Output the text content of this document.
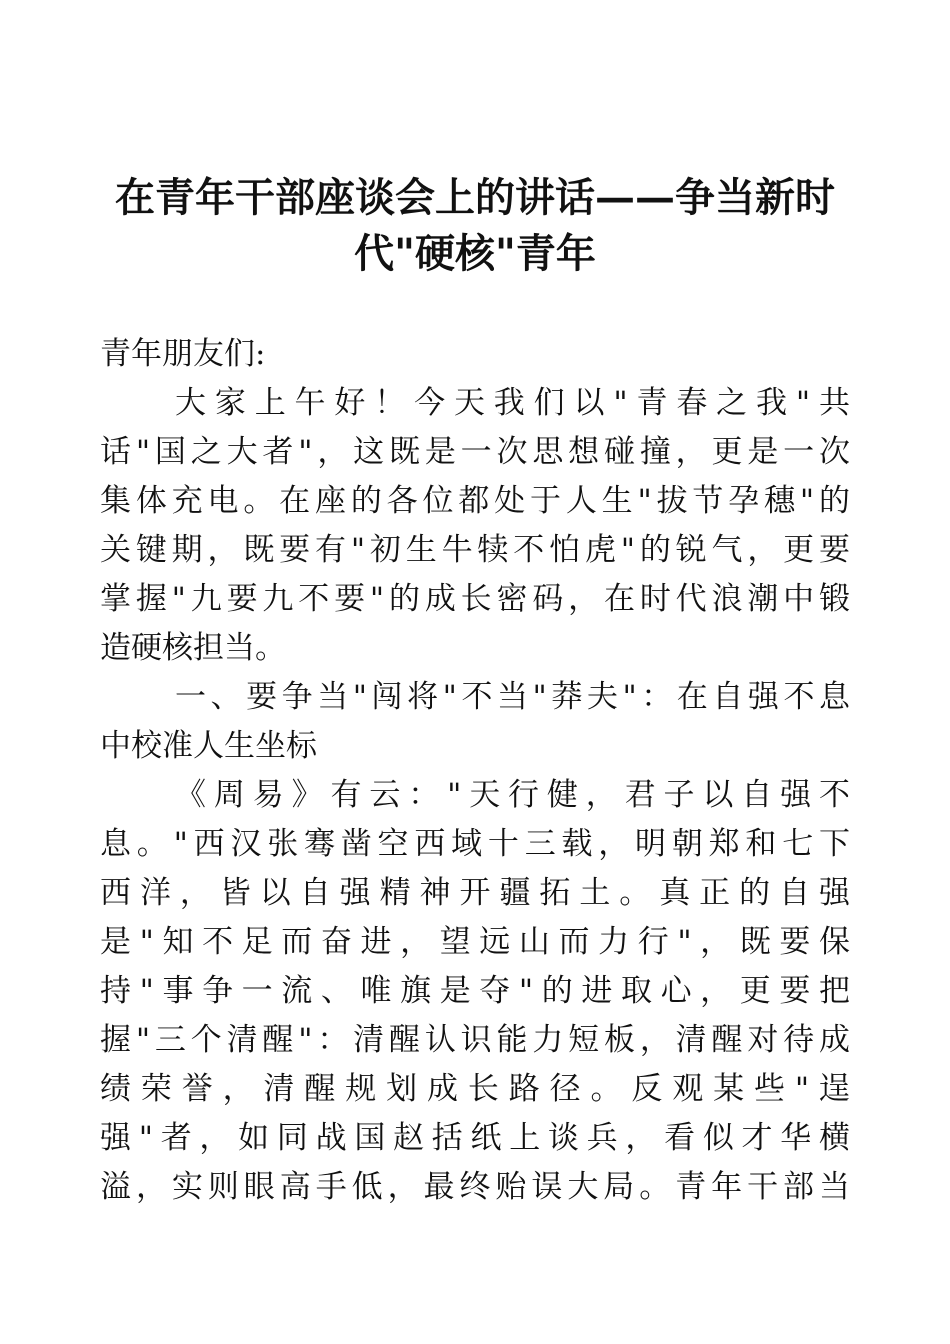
在青年干部座谈会上的讲话——争当新时
代"硬核"青年
青年朋友们:
大家上午好！今天我们以"青春之我"共
话"国之大者"，这既是一次思想碰撞，更是一次
集体充电。在座的各位都处于人生"拔节孕穗"的
关键期，既要有"初生牛犊不怕虎"的锐气，更要
掌握"九要九不要"的成长密码，在时代浪潮中锻
造硬核担当。
一、要争当"闯将"不当"莽夫"：在自强不息
中校准人生坐标
《周易》有云："天行健，君子以自强不
息。"西汉张骞凿空西域十三载，明朝郑和七下
西洋，皆以自强精神开疆拓土。真正的自强
是"知不足而奋进，望远山而力行"，既要保
持"事争一流、唯旗是夺"的进取心，更要把
握"三个清醒"：清醒认识能力短板，清醒对待成
绩荣誉，清醒规划成长路径。反观某些"逞
强"者，如同战国赵括纸上谈兵，看似才华横
溢，实则眼高手低，最终贻误大局。青年干部当
